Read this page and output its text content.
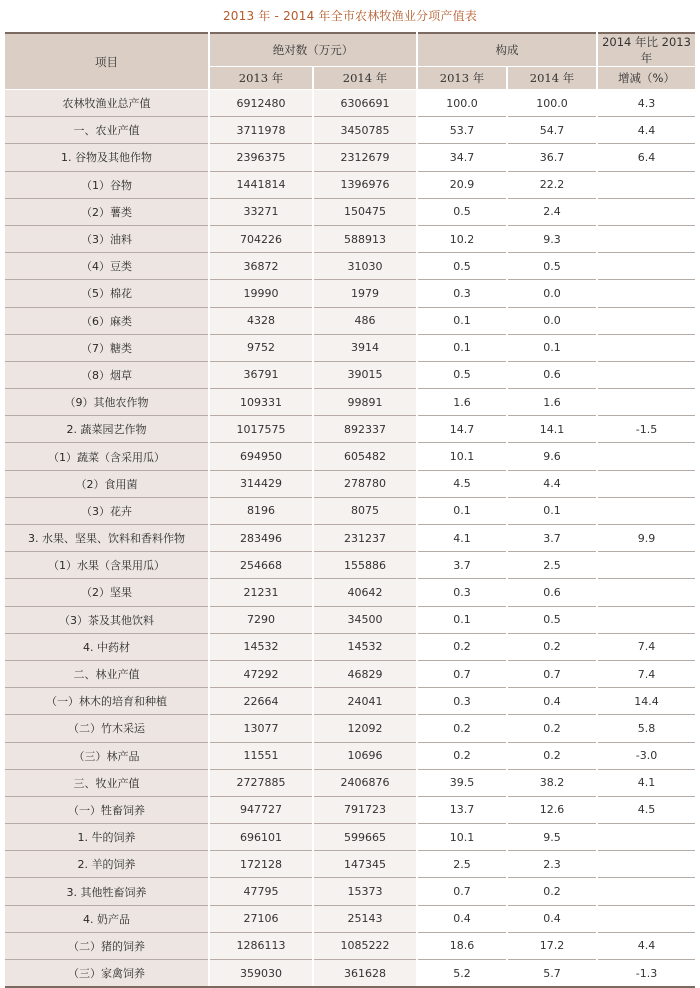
2013 年 - 2014 年全市农林牧渔业分项产值表
项目	绝对数（万元）		构成		2014 年比 2013 年
	2013 年	2014 年	2013 年	2014 年	增减（%）
农林牧渔业总产值	6912480	6306691	100.0	100.0	4.3
一、农业产值	3711978	3450785	53.7	54.7	4.4
1. 谷物及其他作物	2396375	2312679	34.7	36.7	6.4
（1）谷物	1441814	1396976	20.9	22.2	
（2）薯类	33271	150475	0.5	2.4	
（3）油料	704226	588913	10.2	9.3	
（4）豆类	36872	31030	0.5	0.5	
（5）棉花	19990	1979	0.3	0.0	
（6）麻类	4328	486	0.1	0.0	
（7）糖类	9752	3914	0.1	0.1	
（8）烟草	36791	39015	0.5	0.6	
（9）其他农作物	109331	99891	1.6	1.6	
2. 蔬菜园艺作物	1017575	892337	14.7	14.1	-1.5
（1）蔬菜（含采用瓜）	694950	605482	10.1	9.6	
（2）食用菌	314429	278780	4.5	4.4	
（3）花卉	8196	8075	0.1	0.1	
3. 水果、坚果、饮料和香料作物	283496	231237	4.1	3.7	9.9
（1）水果（含果用瓜）	254668	155886	3.7	2.5	
（2）坚果	21231	40642	0.3	0.6	
（3）茶及其他饮料	7290	34500	0.1	0.5	
4. 中药材	14532	14532	0.2	0.2	7.4
二、林业产值	47292	46829	0.7	0.7	7.4
（一）林木的培育和种植	22664	24041	0.3	0.4	14.4
（二）竹木采运	13077	12092	0.2	0.2	5.8
（三）林产品	11551	10696	0.2	0.2	-3.0
三、牧业产值	2727885	2406876	39.5	38.2	4.1
（一）牲畜饲养	947727	791723	13.7	12.6	4.5
1. 牛的饲养	696101	599665	10.1	9.5	
2. 羊的饲养	172128	147345	2.5	2.3	
3. 其他牲畜饲养	47795	15373	0.7	0.2	
4. 奶产品	27106	25143	0.4	0.4	
（二）猪的饲养	1286113	1085222	18.6	17.2	4.4
（三）家禽饲养	359030	361628	5.2	5.7	-1.3
